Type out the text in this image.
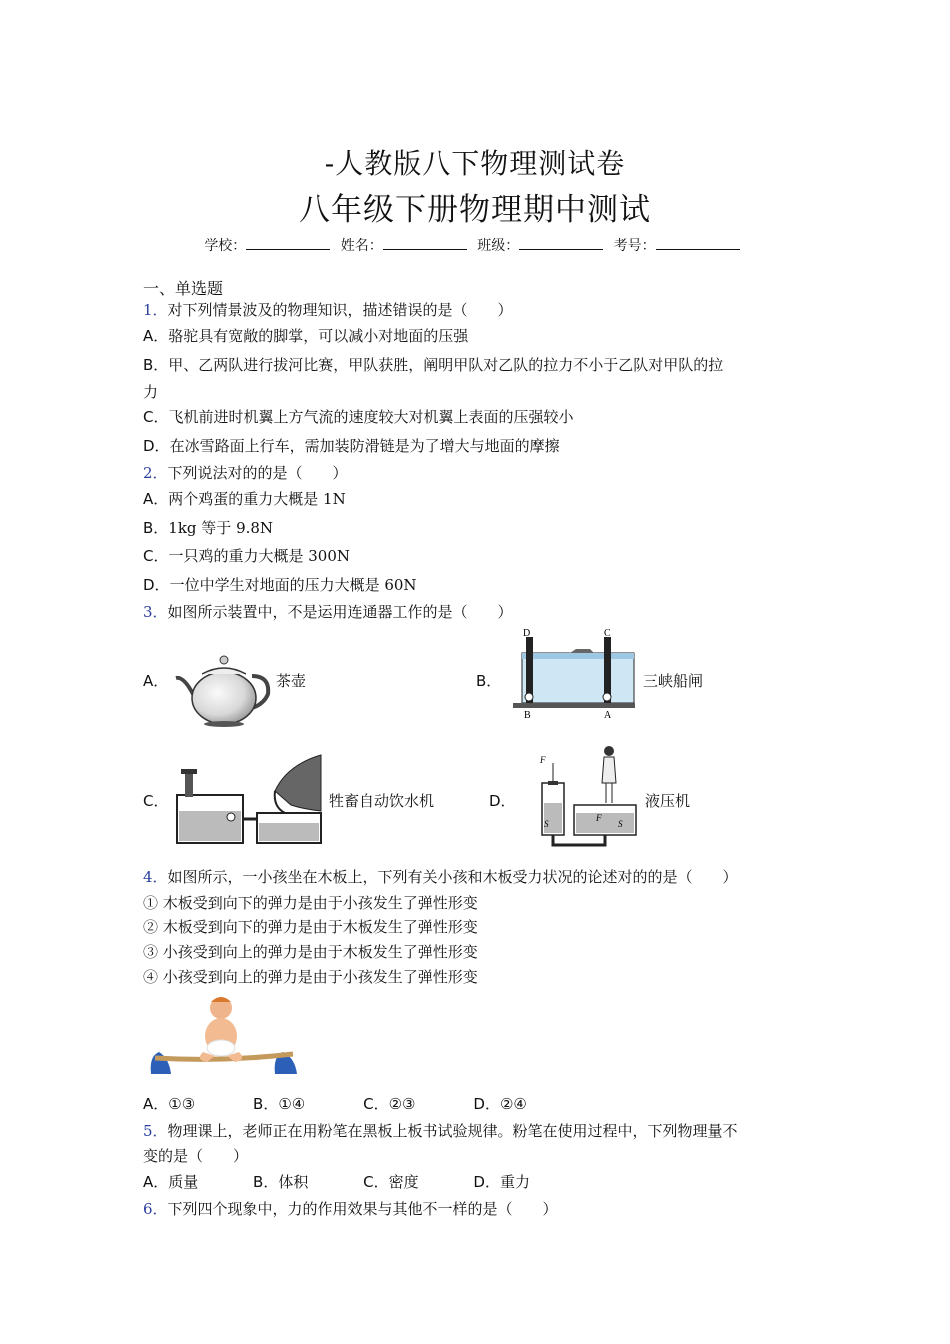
-人教版八下物理测试卷
八年级下册物理期中测试
学校：	姓名：	班级：	考号：
一、单选题
1．对下列情景波及的物理知识，描述错误的是（　　）
A．骆驼具有宽敞的脚掌，可以减小对地面的压强
B．甲、乙两队进行拔河比赛，甲队获胜，阐明甲队对乙队的拉力不小于乙队对甲队的拉
力
C．飞机前进时机翼上方气流的速度较大对机翼上表面的压强较小
D．在冰雪路面上行车，需加装防滑链是为了增大与地面的摩擦
2．下列说法对的的是（　　）
A．两个鸡蛋的重力大概是 1N
B．1kg 等于 9.8N
C．一只鸡的重力大概是 300N
D．一位中学生对地面的压力大概是 60N
3．如图所示装置中，不是运用连通器工作的是（　　）
A．	茶壶	B．
D	C
B	A
三峡船闸
C．	牲畜自动饮水机	D．
F
S
F
S
液压机
4．如图所示，一小孩坐在木板上，下列有关小孩和木板受力状况的论述对的的是（　　）
① 木板受到向下的弹力是由于小孩发生了弹性形变
② 木板受到向下的弹力是由于木板发生了弹性形变
③ 小孩受到向上的弹力是由于木板发生了弹性形变
④ 小孩受到向上的弹力是由于小孩发生了弹性形变
A．①③	B．①④	C．②③	D．②④
5．物理课上，老师正在用粉笔在黑板上板书试验规律。粉笔在使用过程中，下列物理量不
变的是（　　）
A．质量	B．体积	C．密度	D．重力
6．下列四个现象中，力的作用效果与其他不一样的是（　　）
